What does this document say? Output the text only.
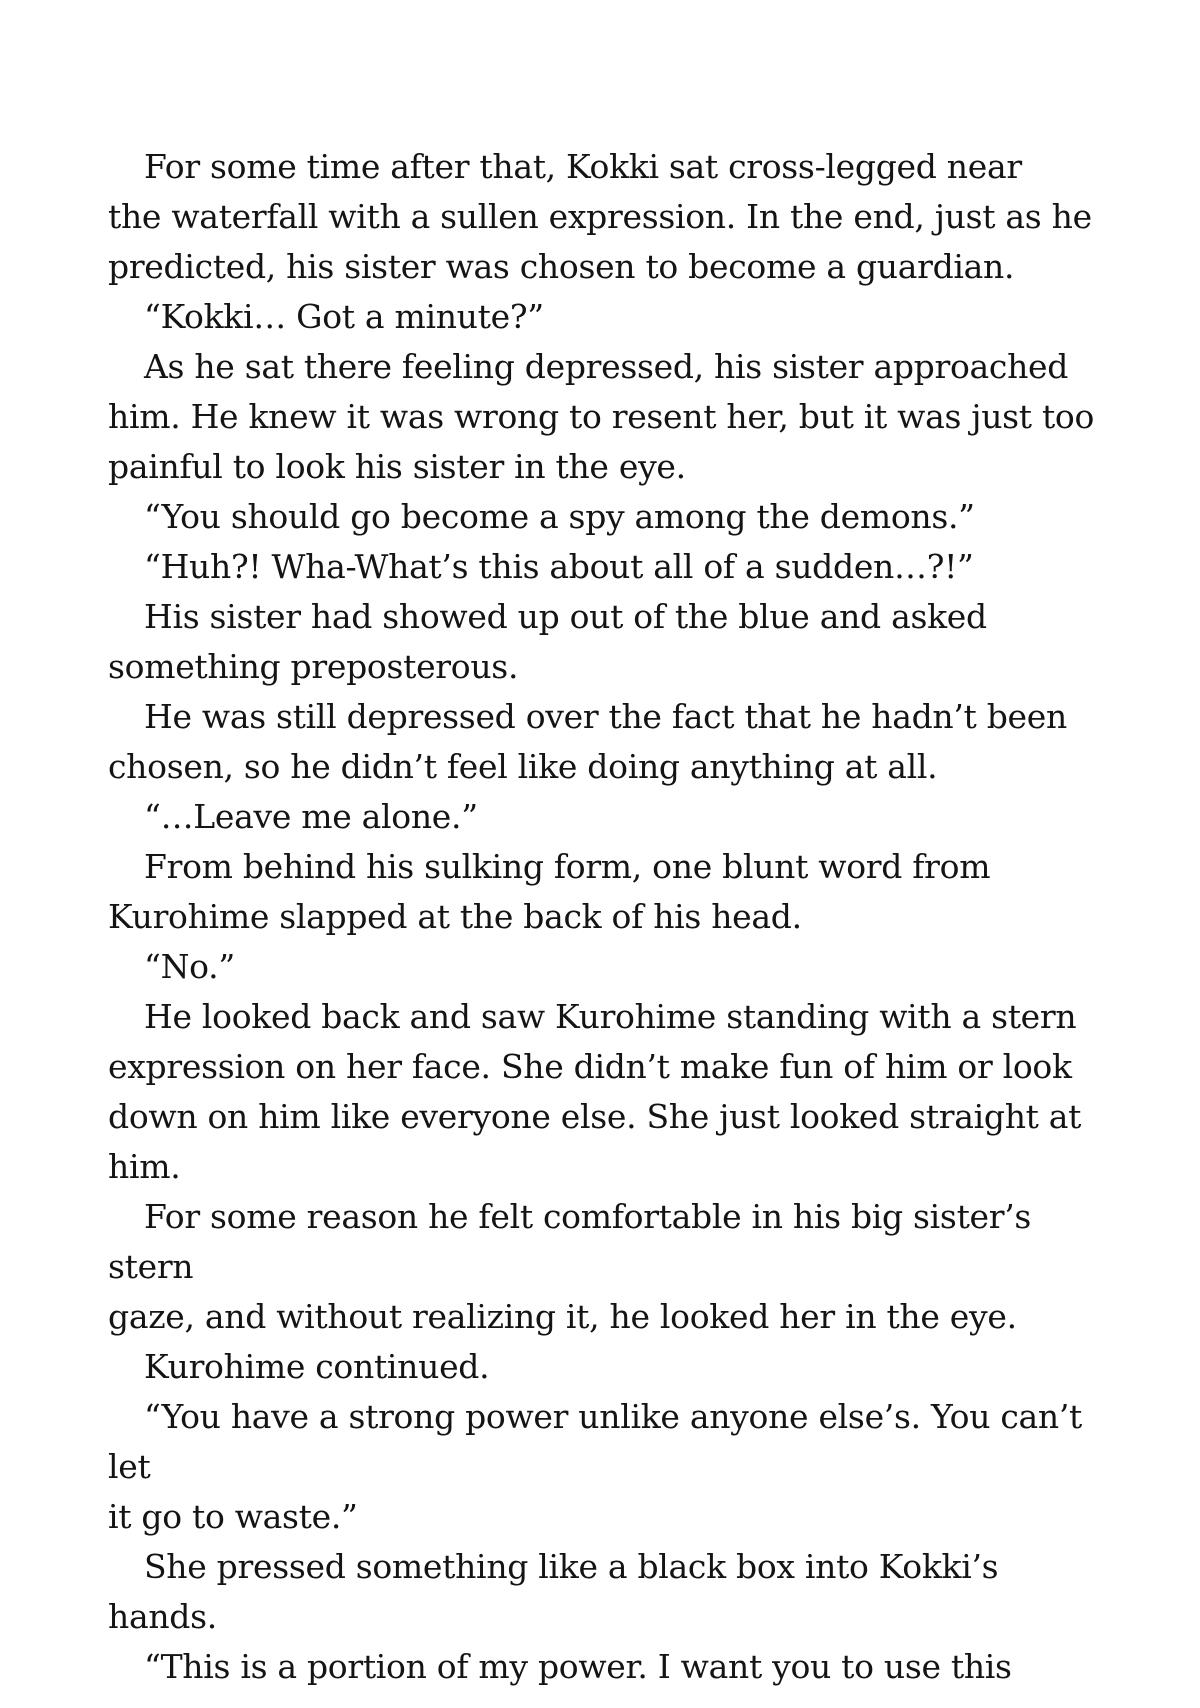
For some time after that, Kokki sat cross-legged near
the waterfall with a sullen expression. In the end, just as he
predicted, his sister was chosen to become a guardian.

“Kokki… Got a minute?”

As he sat there feeling depressed, his sister approached
him. He knew it was wrong to resent her, but it was just too
painful to look his sister in the eye.

“You should go become a spy among the demons.”

“Huh?! Wha-What’s this about all of a sudden…?!”

His sister had showed up out of the blue and asked
something preposterous.

He was still depressed over the fact that he hadn’t been
chosen, so he didn’t feel like doing anything at all.

“…Leave me alone.”

From behind his sulking form, one blunt word from
Kurohime slapped at the back of his head.

“No.”

He looked back and saw Kurohime standing with a stern
expression on her face. She didn’t make fun of him or look
down on him like everyone else. She just looked straight at
him.

For some reason he felt comfortable in his big sister’s stern
gaze, and without realizing it, he looked her in the eye.

Kurohime continued.

“You have a strong power unlike anyone else’s. You can’t let
it go to waste.”

She pressed something like a black box into Kokki’s hands.

“This is a portion of my power. I want you to use this
